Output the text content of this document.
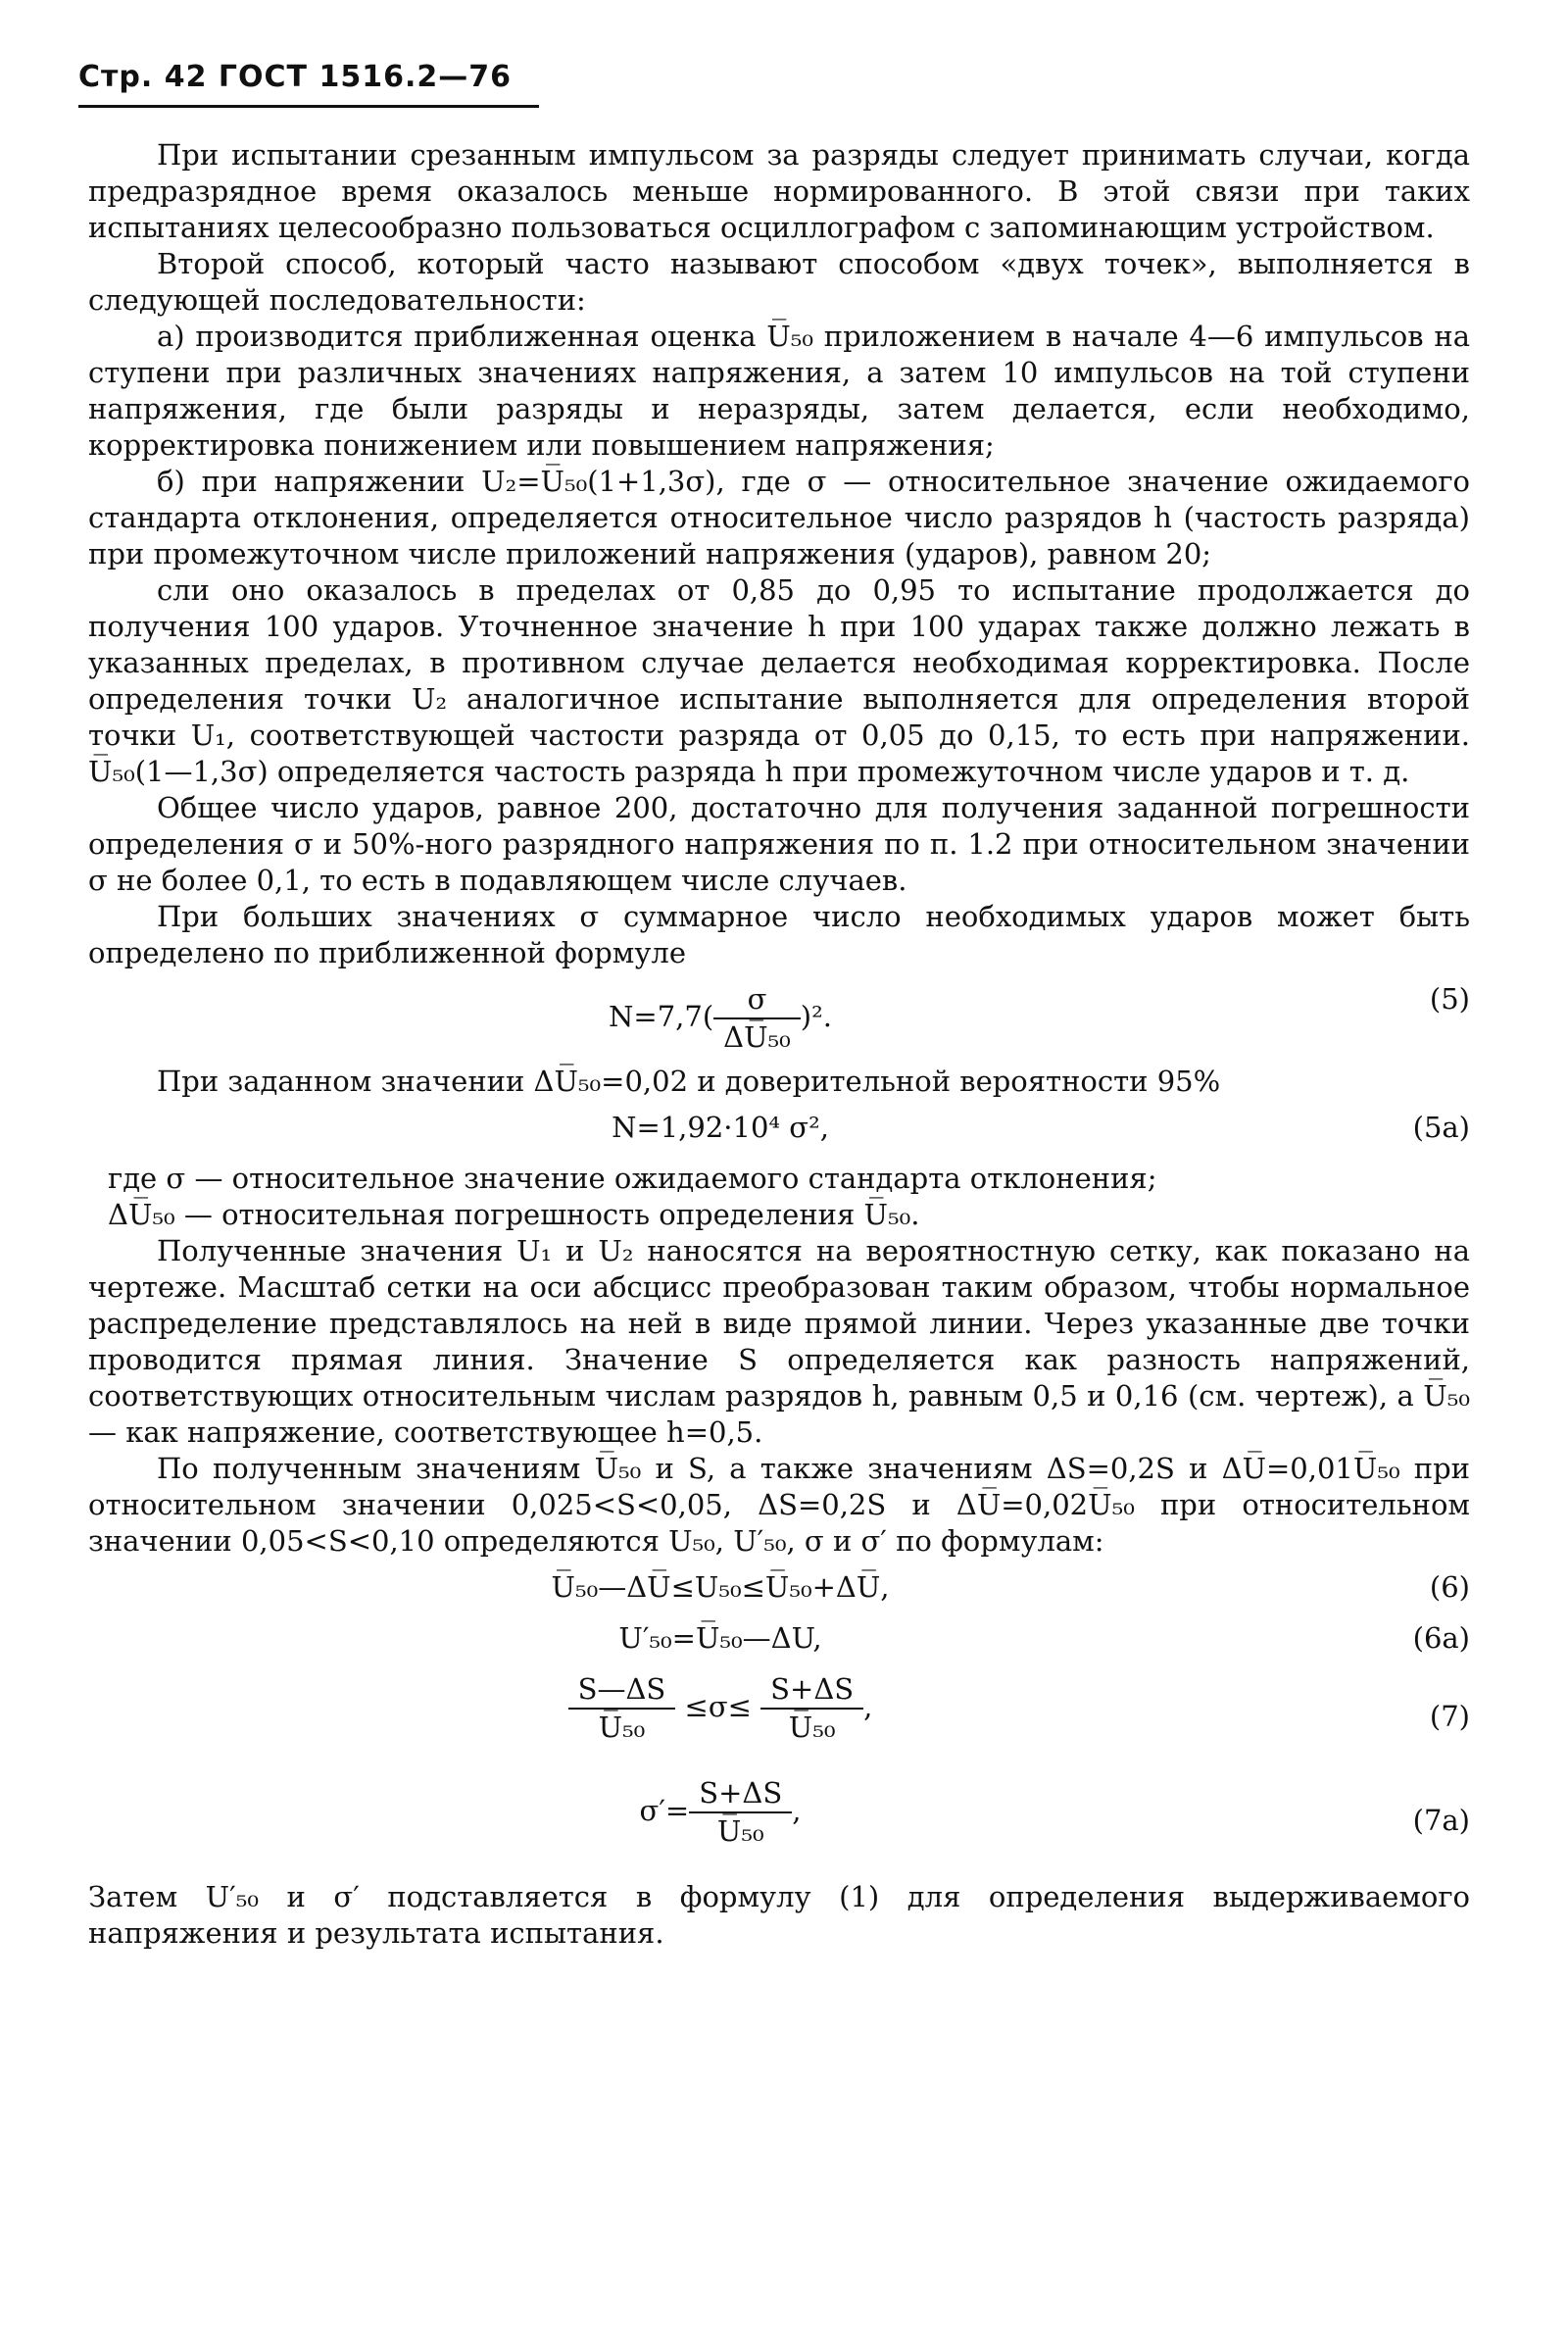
Стр. 42 ГОСТ 1516.2—76

При испытании срезанным импульсом за разряды следует принимать случаи, когда предразрядное время оказалось меньше нормированного. В этой связи при таких испытаниях целесообразно пользоваться осциллографом с запоминающим устройством.

Второй способ, который часто называют способом «двух точек», выполняется в следующей последовательности:

а) производится приближенная оценка U̅₅₀ приложением в начале 4—6 импульсов на ступени при различных значениях напряжения, а затем 10 импульсов на той ступени напряжения, где были разряды и неразряды, затем делается, если необходимо, корректировка понижением или повышением напряжения;

б) при напряжении U₂=U̅₅₀(1+1,3σ), где σ — относительное значение ожидаемого стандарта отклонения, определяется относительное число разрядов h (частость разряда) при промежуточном числе приложений напряжения (ударов), равном 20;

сли оно оказалось в пределах от 0,85 до 0,95 то испытание продолжается до получения 100 ударов. Уточненное значение h при 100 ударах также должно лежать в указанных пределах, в противном случае делается необходимая корректировка. После определения точки U₂ аналогичное испытание выполняется для определения второй точки U₁, соответствующей частости разряда от 0,05 до 0,15, то есть при напряжении. U̅₅₀(1—1,3σ) определяется частость разряда h при промежуточном числе ударов и т. д.

Общее число ударов, равное 200, достаточно для получения заданной погрешности определения σ и 50%-ного разрядного напряжения по п. 1.2 при относительном значении σ не более 0,1, то есть в подавляющем числе случаев.

При больших значениях σ суммарное число необходимых ударов может быть определено по приближенной формуле

$N=7,7( \frac{\sigma}{\text{ΔU̅₅₀}} )^2$.
(5)

При заданном значении ΔU̅₅₀=0,02 и доверительной вероятности 95%

N=1,92·10⁴ σ²,	(5а)

где σ — относительное значение ожидаемого стандарта отклонения;

ΔU̅₅₀ — относительная погрешность определения U̅₅₀.

Полученные значения U₁ и U₂ наносятся на вероятностную сетку, как показано на чертеже. Масштаб сетки на оси абсцисс преобразован таким образом, чтобы нормальное распределение представлялось на ней в виде прямой линии. Через указанные две точки проводится прямая линия. Значение S определяется как разность напряжений, соответствующих относительным числам разрядов h, равным 0,5 и 0,16 (см. чертеж), а U̅₅₀ — как напряжение, соответствующее h=0,5.

По полученным значениям U̅₅₀ и S, а также значениям ΔS=0,2S и ΔU̅=0,01U̅₅₀ при относительном значении 0,025<S<0,05, ΔS=0,2S и ΔU̅=0,02U̅₅₀ при относительном значении 0,05<S<0,10 определяются U₅₀, U′₅₀, σ и σ′ по формулам:

U̅₅₀—ΔU̅≤U₅₀≤U̅₅₀+ΔU̅,	(6)
U′₅₀=U̅₅₀—ΔU,	(6а)
$\frac{S—\Delta S}{\text{U̅₅₀}} \le\sigma\le \frac{S+\Delta S}{\text{U̅₅₀}}$ ,	(7)
$\sigma'= \frac{S+\Delta S}{\text{U̅₅₀}}$ ,	(7а)

Затем U′₅₀ и σ′ подставляется в формулу (1) для определения выдерживаемого напряжения и результата испытания.
